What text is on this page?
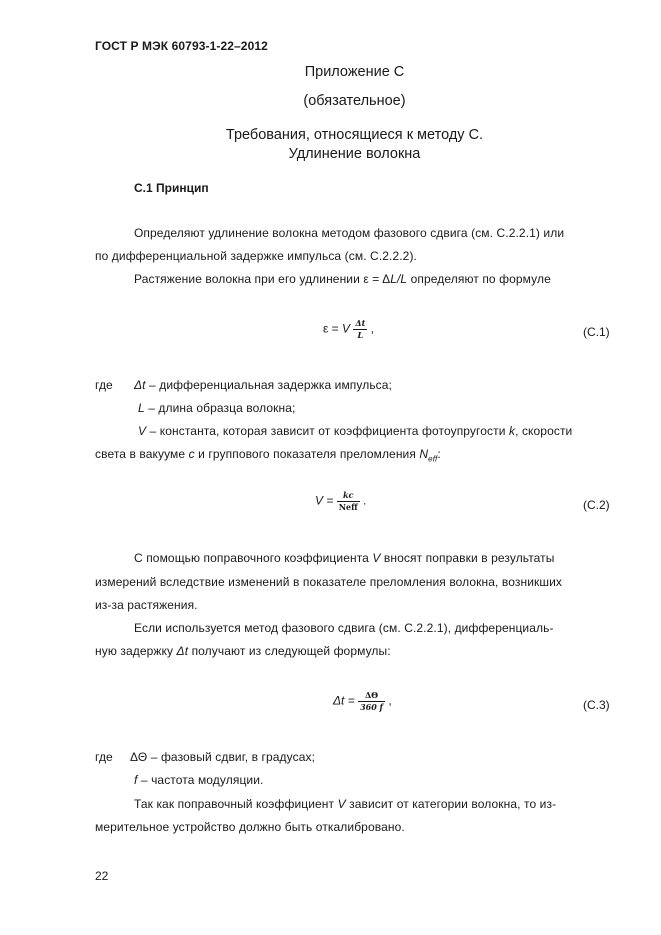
ГОСТ Р МЭК 60793-1-22–2012
Приложение С
(обязательное)
Требования, относящиеся к методу С.
Удлинение волокна
С.1 Принцип
Определяют удлинение волокна методом фазового сдвига (см. С.2.2.1) или
по дифференциальной задержке импульса (см. С.2.2.2).
Растяжение волокна при его удлинении ε = ΔL/L определяют по формуле
ε = V $\frac{\Delta t}{L}$ ,	(С.1)
где Δt – дифференциальная задержка импульса;
L – длина образца волокна;
V – константа, которая зависит от коэффициента фотоупругости k, скорости
света в вакууме c и группового показателя преломления $N_{eff}$:
$V = \frac{kc}{\text{Neff}}$ .	(С.2)
С помощью поправочного коэффициента V вносят поправки в результаты
измерений вследствие изменений в показателе преломления волокна, возникших
из-за растяжения.
Если используется метод фазового сдвига (см. С.2.2.1), дифференциаль-
ную задержку Δt получают из следующей формулы:
$\Delta t = \frac{\Delta\Theta}{360 f}$ ,	(С.3)
где ΔΘ – фазовый сдвиг, в градусах;
f – частота модуляции.
Так как поправочный коэффициент V зависит от категории волокна, то из-
мерительное устройство должно быть откалибровано.
22
